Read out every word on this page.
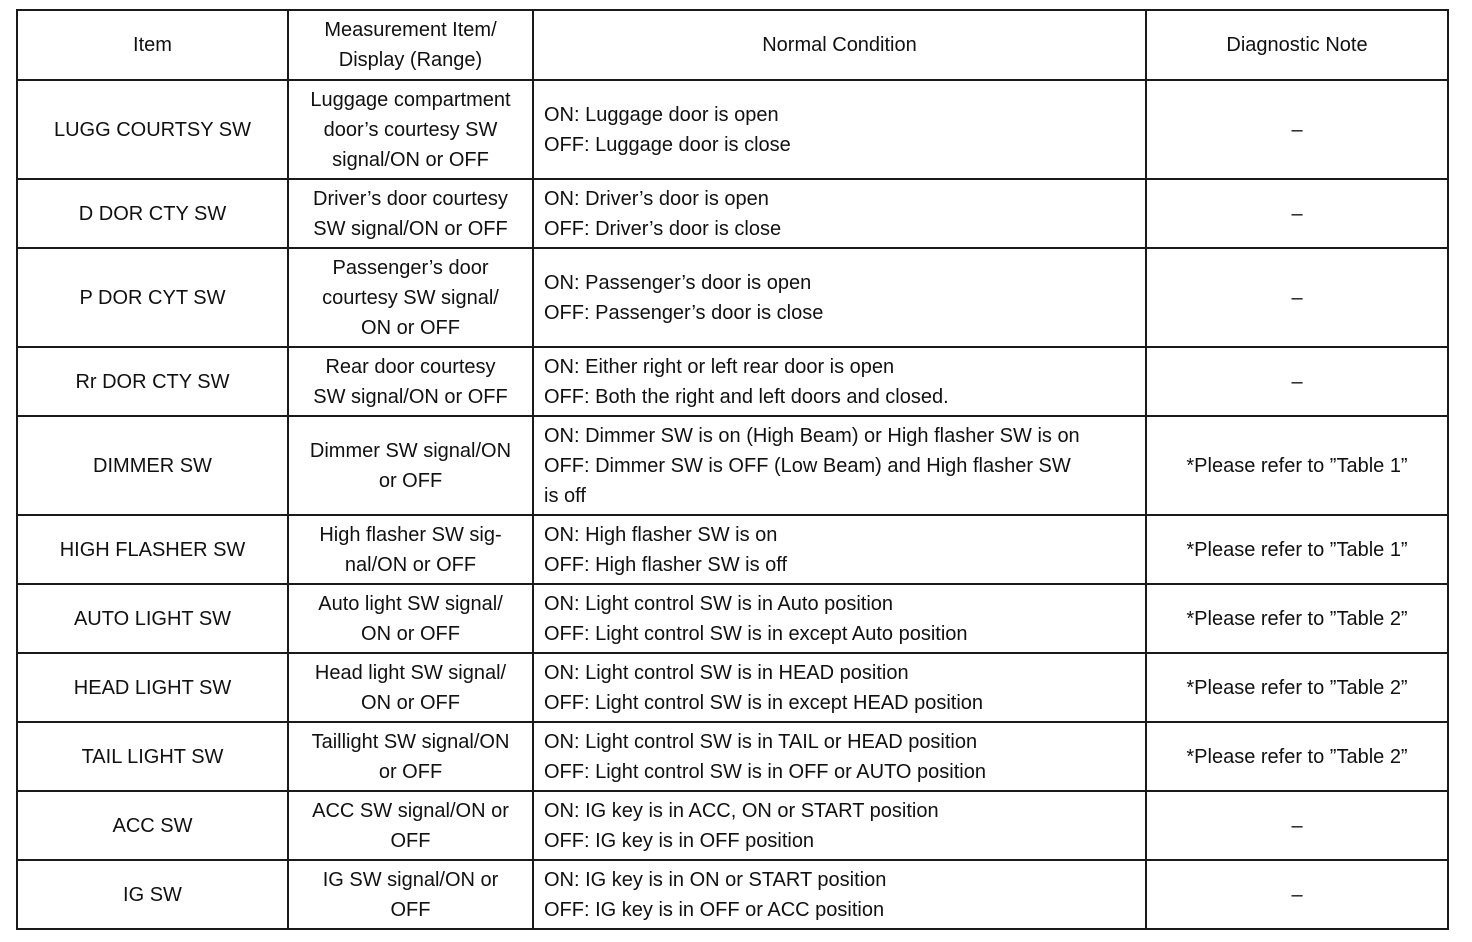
Item	Measurement Item/
Display (Range)	Normal Condition	Diagnostic Note
LUGG COURTSY SW	Luggage compartment
door’s courtesy SW
signal/ON or OFF	ON: Luggage door is open
OFF: Luggage door is close	–
D DOR CTY SW	Driver’s door courtesy
SW signal/ON or OFF	ON: Driver’s door is open
OFF: Driver’s door is close	–
P DOR CYT SW	Passenger’s door
courtesy SW signal/
ON or OFF	ON: Passenger’s door is open
OFF: Passenger’s door is close	–
Rr DOR CTY SW	Rear door courtesy
SW signal/ON or OFF	ON: Either right or left rear door is open
OFF: Both the right and left doors and closed.	–
DIMMER SW	Dimmer SW signal/ON
or OFF	ON: Dimmer SW is on (High Beam) or High flasher SW is on
OFF: Dimmer SW is OFF (Low Beam) and High flasher SW
is off	*Please refer to ”Table 1”
HIGH FLASHER SW	High flasher SW sig-
nal/ON or OFF	ON: High flasher SW is on
OFF: High flasher SW is off	*Please refer to ”Table 1”
AUTO LIGHT SW	Auto light SW signal/
ON or OFF	ON: Light control SW is in Auto position
OFF: Light control SW is in except Auto position	*Please refer to ”Table 2”
HEAD LIGHT SW	Head light SW signal/
ON or OFF	ON: Light control SW is in HEAD position
OFF: Light control SW is in except HEAD position	*Please refer to ”Table 2”
TAIL LIGHT SW	Taillight SW signal/ON
or OFF	ON: Light control SW is in TAIL or HEAD position
OFF: Light control SW is in OFF or AUTO position	*Please refer to ”Table 2”
ACC SW	ACC SW signal/ON or
OFF	ON: IG key is in ACC, ON or START position
OFF: IG key is in OFF position	–
IG SW	IG SW signal/ON or
OFF	ON: IG key is in ON or START position
OFF: IG key is in OFF or ACC position	–
